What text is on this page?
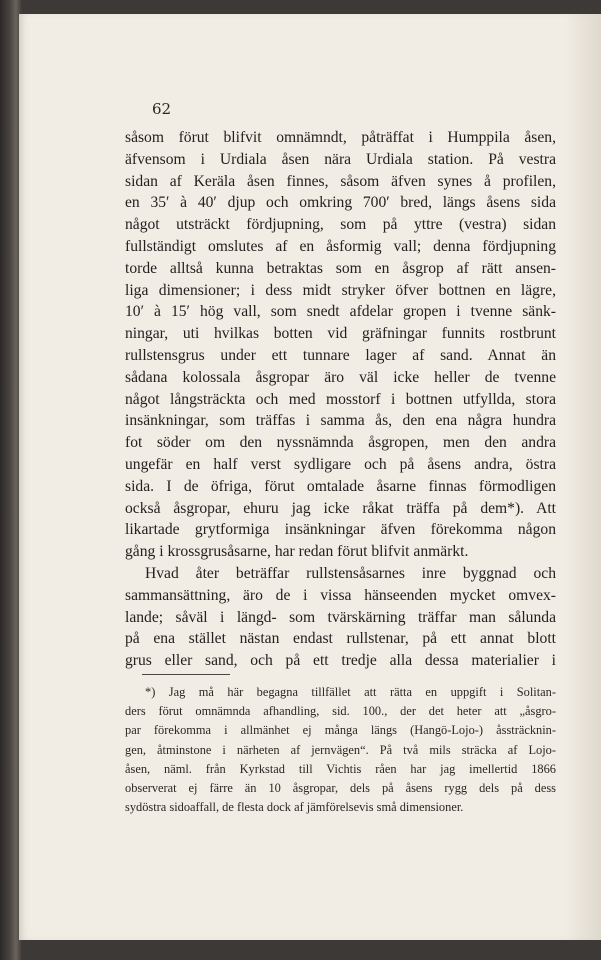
62
såsom förut blifvit omnämndt, påträffat i Humppila åsen,
äfvensom i Urdiala åsen nära Urdiala station. På vestra
sidan af Keräla åsen finnes, såsom äfven synes å profilen,
en 35′ à 40′ djup och omkring 700′ bred, längs åsens sida
något utsträckt fördjupning, som på yttre (vestra) sidan
fullständigt omslutes af en åsformig vall; denna fördjupning
torde alltså kunna betraktas som en åsgrop af rätt ansen-
liga dimensioner; i dess midt stryker öfver bottnen en lägre,
10′ à 15′ hög vall, som snedt afdelar gropen i tvenne sänk-
ningar, uti hvilkas botten vid gräfningar funnits rostbrunt
rullstensgrus under ett tunnare lager af sand. Annat än
sådana kolossala åsgropar äro väl icke heller de tvenne
något långsträckta och med mosstorf i bottnen utfyllda, stora
insänkningar, som träffas i samma ås, den ena några hundra
fot söder om den nyssnämnda åsgropen, men den andra
ungefär en half verst sydligare och på åsens andra, östra
sida. I de öfriga, förut omtalade åsarne finnas förmodligen
också åsgropar, ehuru jag icke råkat träffa på dem*). Att
likartade grytformiga insänkningar äfven förekomma någon
gång i krossgrusåsarne, har redan förut blifvit anmärkt.
Hvad åter beträffar rullstensåsarnes inre byggnad och
sammansättning, äro de i vissa hänseenden mycket omvex-
lande; såväl i längd- som tvärskärning träffar man sålunda
på ena stället nästan endast rullstenar, på ett annat blott
grus eller sand, och på ett tredje alla dessa materialier i
*) Jag må här begagna tillfället att rätta en uppgift i Solitan-
ders förut omnämnda afhandling, sid. 100., der det heter att „åsgro-
par förekomma i allmänhet ej många längs (Hangö-Lojo-) åssträcknin-
gen, åtminstone i närheten af jernvägen“. På två mils sträcka af Lojo-
åsen, näml. från Kyrkstad till Vichtis råen har jag imellertid 1866
observerat ej färre än 10 åsgropar, dels på åsens rygg dels på dess
sydöstra sidoaffall, de flesta dock af jämförelsevis små dimensioner.
